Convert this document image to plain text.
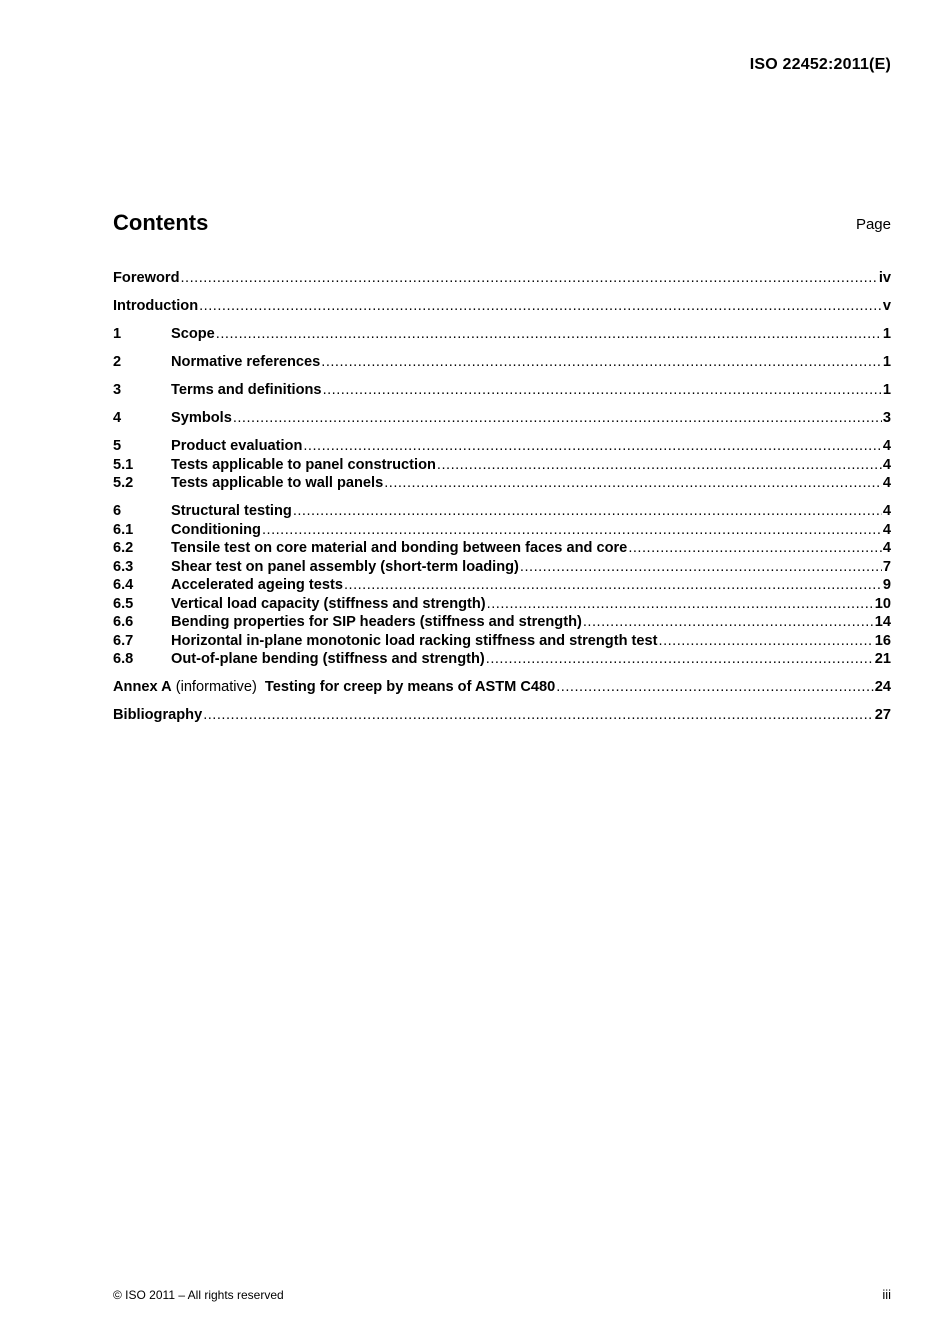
ISO 22452:2011(E)
Contents	Page
Foreword .....	iv
Introduction .....	v
1	Scope .....	1
2	Normative references .....	1
3	Terms and definitions .....	1
4	Symbols .....	3
5	Product evaluation .....	4
5.1	Tests applicable to panel construction .....	4
5.2	Tests applicable to wall panels .....	4
6	Structural testing .....	4
6.1	Conditioning .....	4
6.2	Tensile test on core material and bonding between faces and core .....	4
6.3	Shear test on panel assembly (short-term loading) .....	7
6.4	Accelerated ageing tests .....	9
6.5	Vertical load capacity (stiffness and strength) .....	10
6.6	Bending properties for SIP headers (stiffness and strength) .....	14
6.7	Horizontal in-plane monotonic load racking stiffness and strength test .....	16
6.8	Out-of-plane bending (stiffness and strength) .....	21
Annex A (informative)  Testing for creep by means of ASTM C480 .....	24
Bibliography .....	27
© ISO 2011 – All rights reserved	iii
